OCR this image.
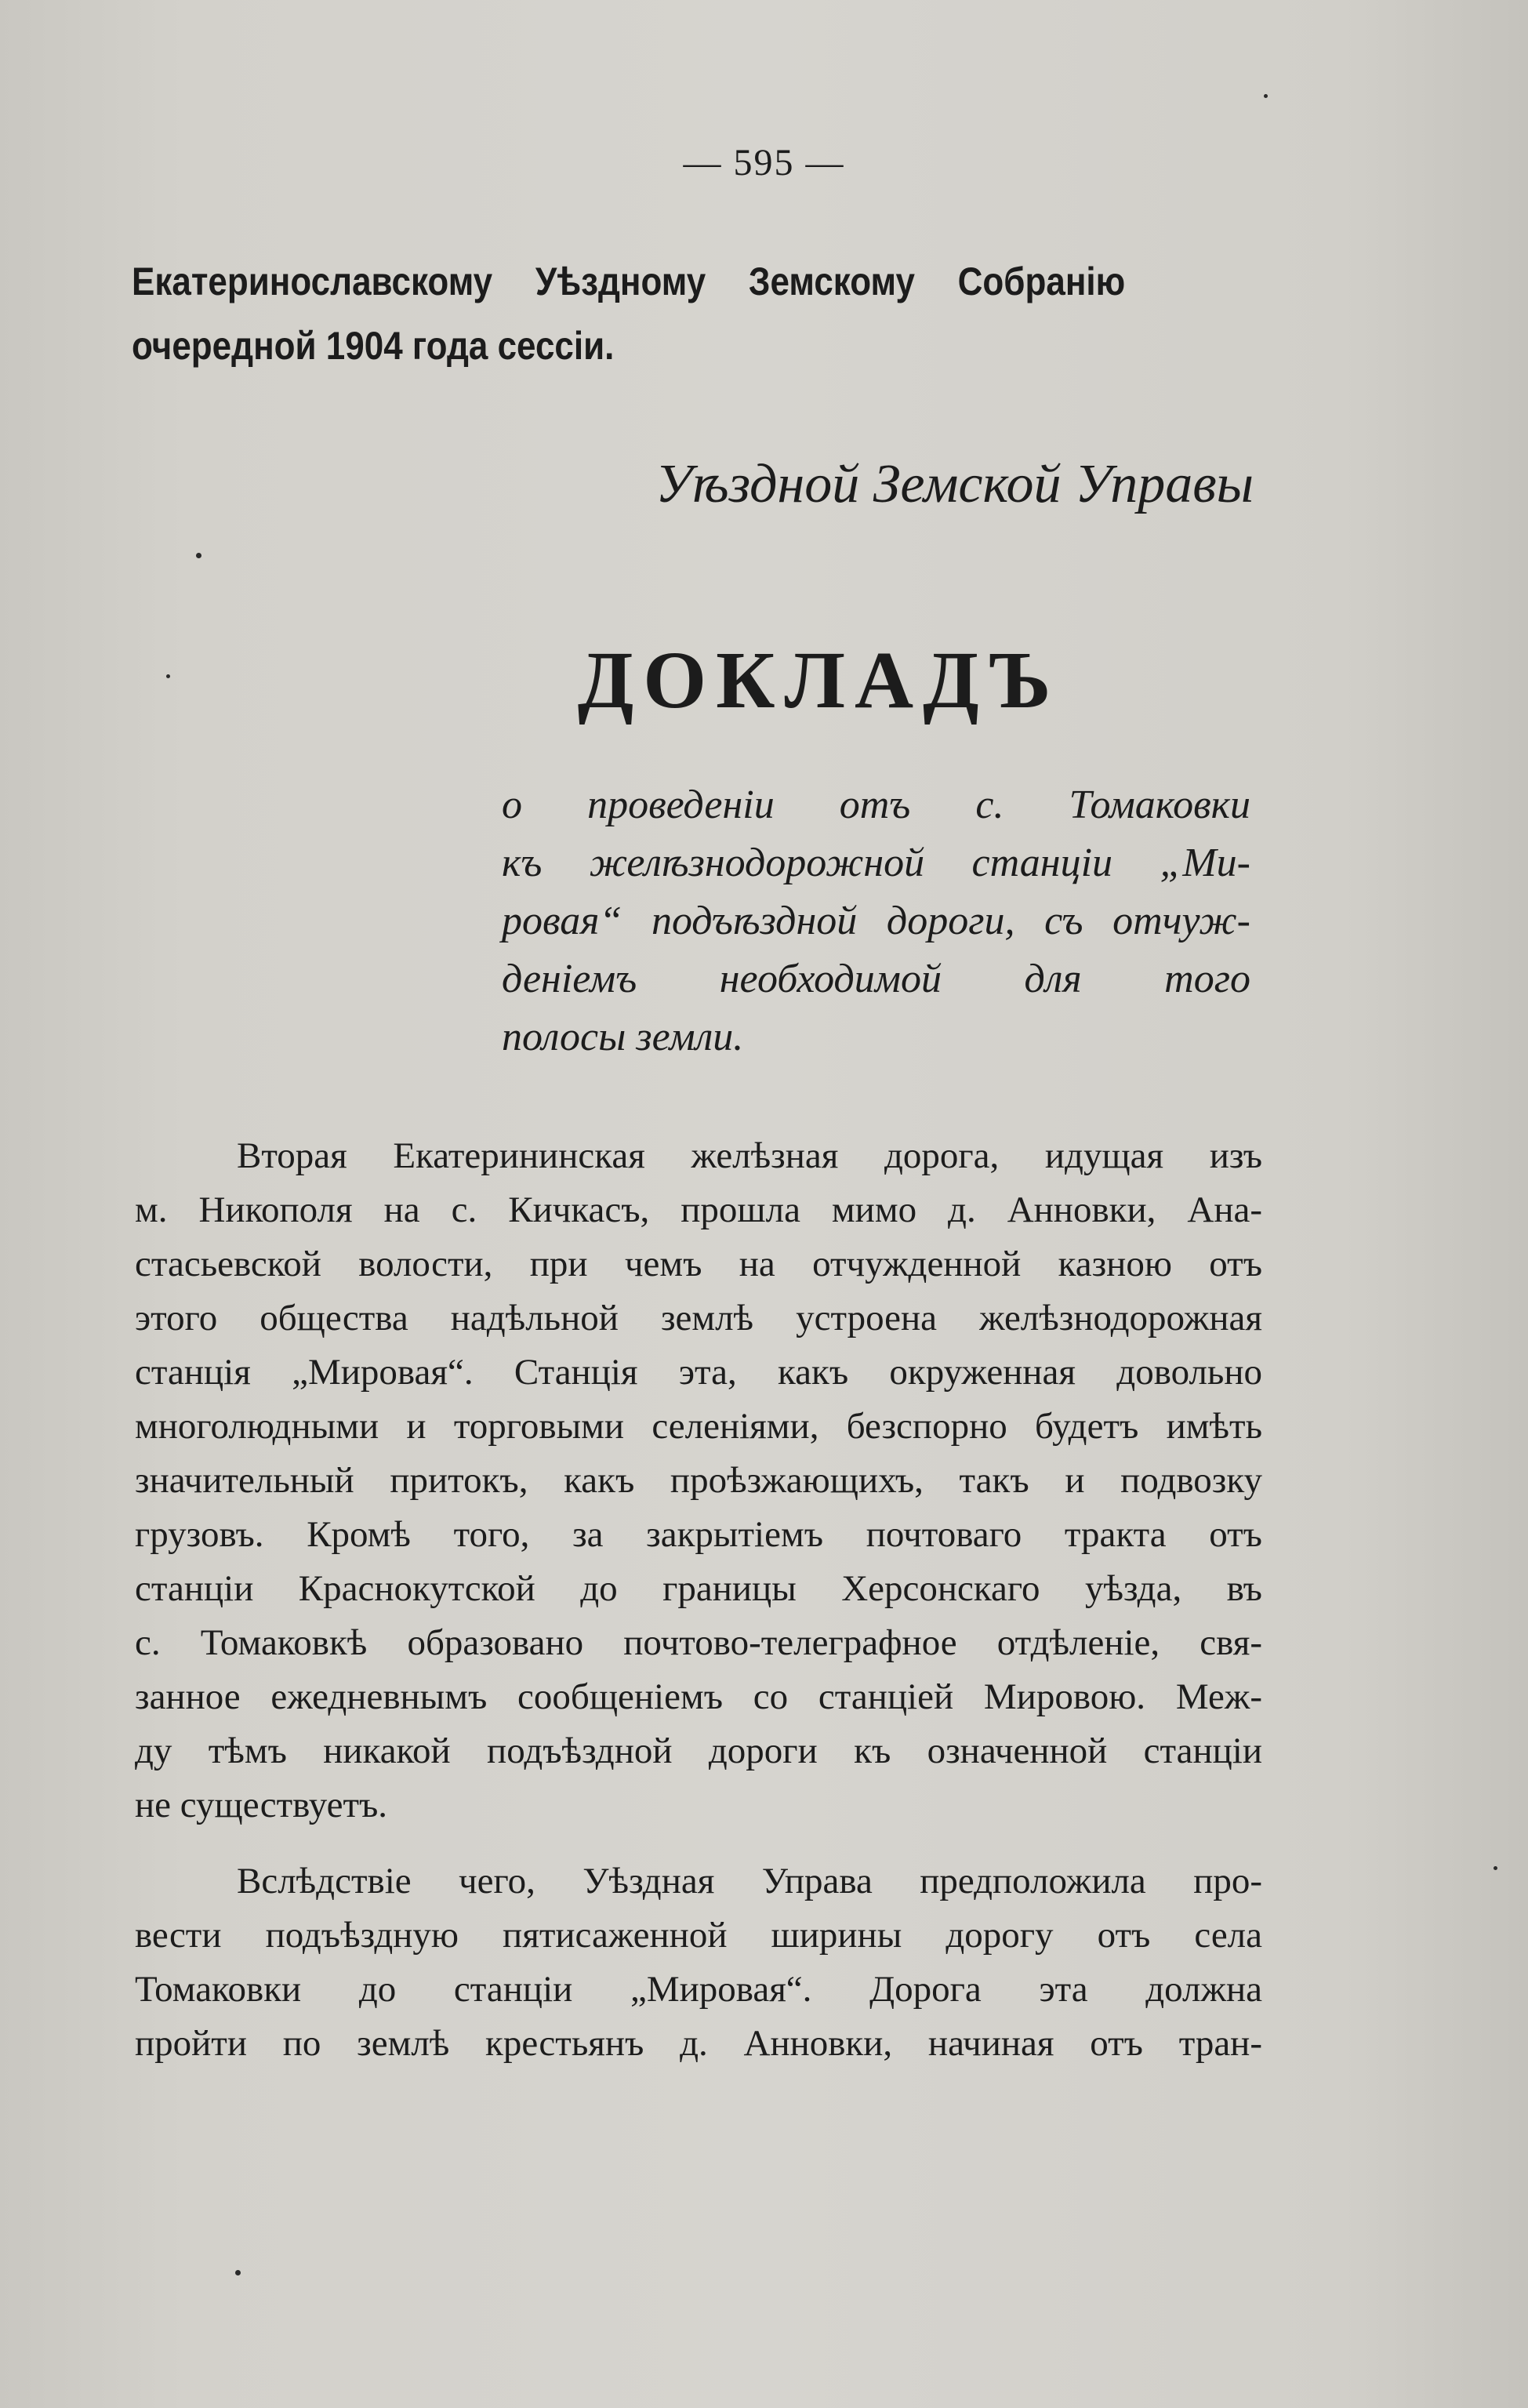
— 595 —
Екатеринославскому Уѣздному Земскому Собранію
очередной 1904 года сессіи.
Уѣздной Земской Управы
ДОКЛАДЪ
о проведеніи отъ с. Томаковки
къ желѣзнодорожной станціи „Ми-
ровая“ подъѣздной дороги, съ отчуж-
деніемъ необходимой для того
полосы земли.
Вторая Екатерининская желѣзная дорога, идущая изъ
м. Никополя на с. Кичкасъ, прошла мимо д. Анновки, Ана-
стасьевской волости, при чемъ на отчужденной казною отъ
этого общества надѣльной землѣ устроена желѣзнодорожная
станція „Мировая“. Станція эта, какъ окруженная довольно
многолюдными и торговыми селеніями, безспорно будетъ имѣть
значительный притокъ, какъ проѣзжающихъ, такъ и подвозку
грузовъ. Кромѣ того, за закрытіемъ почтоваго тракта отъ
станціи Краснокутской до границы Херсонскаго уѣзда, въ
с. Томаковкѣ образовано почтово-телеграфное отдѣленіе, свя-
занное ежедневнымъ сообщеніемъ со станціей Мировою. Меж-
ду тѣмъ никакой подъѣздной дороги къ означенной станціи
не существуетъ.
Вслѣдствіе чего, Уѣздная Управа предположила про-
вести подъѣздную пятисаженной ширины дорогу отъ села
Томаковки до станціи „Мировая“. Дорога эта должна
пройти по землѣ крестьянъ д. Анновки, начиная отъ тран-
